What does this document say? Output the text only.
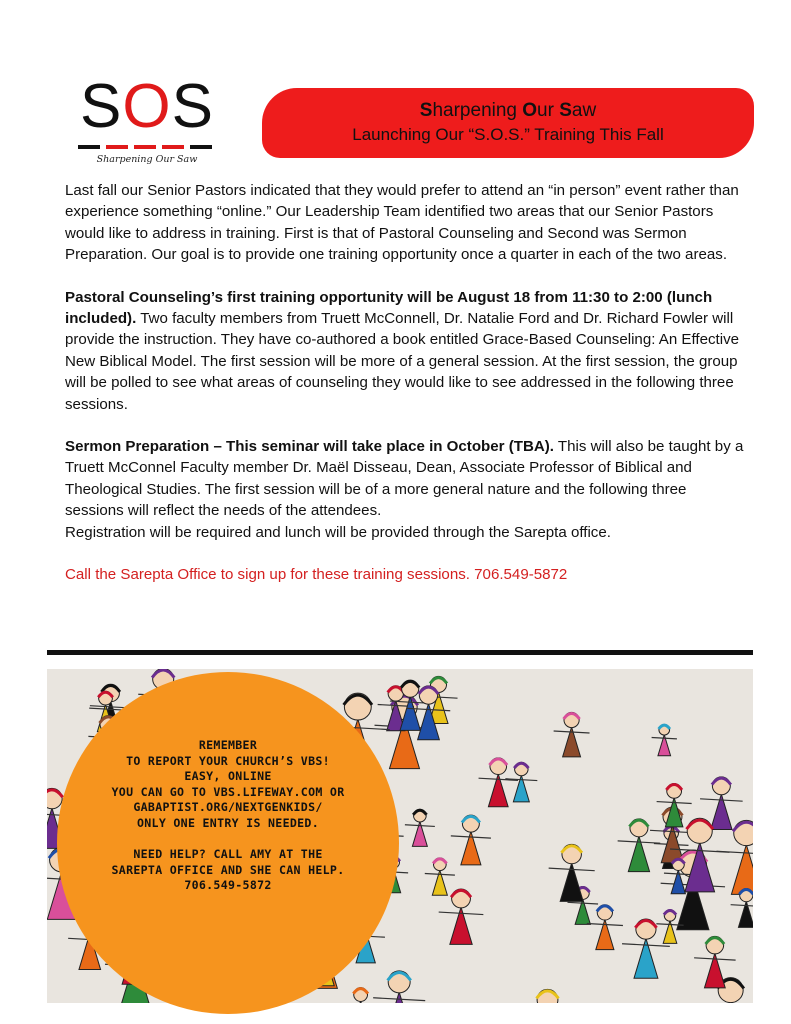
SOS
Sharpening Our Saw
Sharpening Our Saw
Launching Our “S.O.S.” Training This Fall

Last fall our Senior Pastors indicated that they would prefer to attend an “in person” event rather than experience something “online.” Our Leadership Team identified two areas that our Senior Pastors would like to address in training. First is that of Pastoral Counseling and Second was Sermon Preparation. Our goal is to provide one training opportunity once a quarter in each of the two areas.

Pastoral Counseling’s first training opportunity will be August 18 from 11:30 to 2:00 (lunch included). Two faculty members from Truett McConnell, Dr. Natalie Ford and Dr. Richard Fowler will provide the instruction. They have co-authored a book entitled Grace-Based Counseling: An Effective New Biblical Model. The first session will be more of a general session. At the first session, the group will be polled to see what areas of counseling they would like to see addressed in the following three sessions.

Sermon Preparation – This seminar will take place in October (TBA). This will also be taught by a Truett McConnel Faculty member Dr. Maël Disseau, Dean, Associate Professor of Biblical and Theological Studies. The first session will be of a more general nature and the following three sessions will reflect the needs of the attendees.

Registration will be required and lunch will be provided through the Sarepta office.

Call the Sarepta Office to sign up for these training sessions. 706.549-5872

REMEMBER
TO REPORT YOUR CHURCH’S VBS!
EASY, ONLINE
YOU CAN GO TO VBS.LIFEWAY.COM OR
GABAPTIST.ORG/NEXTGENKIDS/
ONLY ONE ENTRY IS NEEDED.
NEED HELP? CALL AMY AT THE
SAREPTA OFFICE AND SHE CAN HELP.
706.549-5872
